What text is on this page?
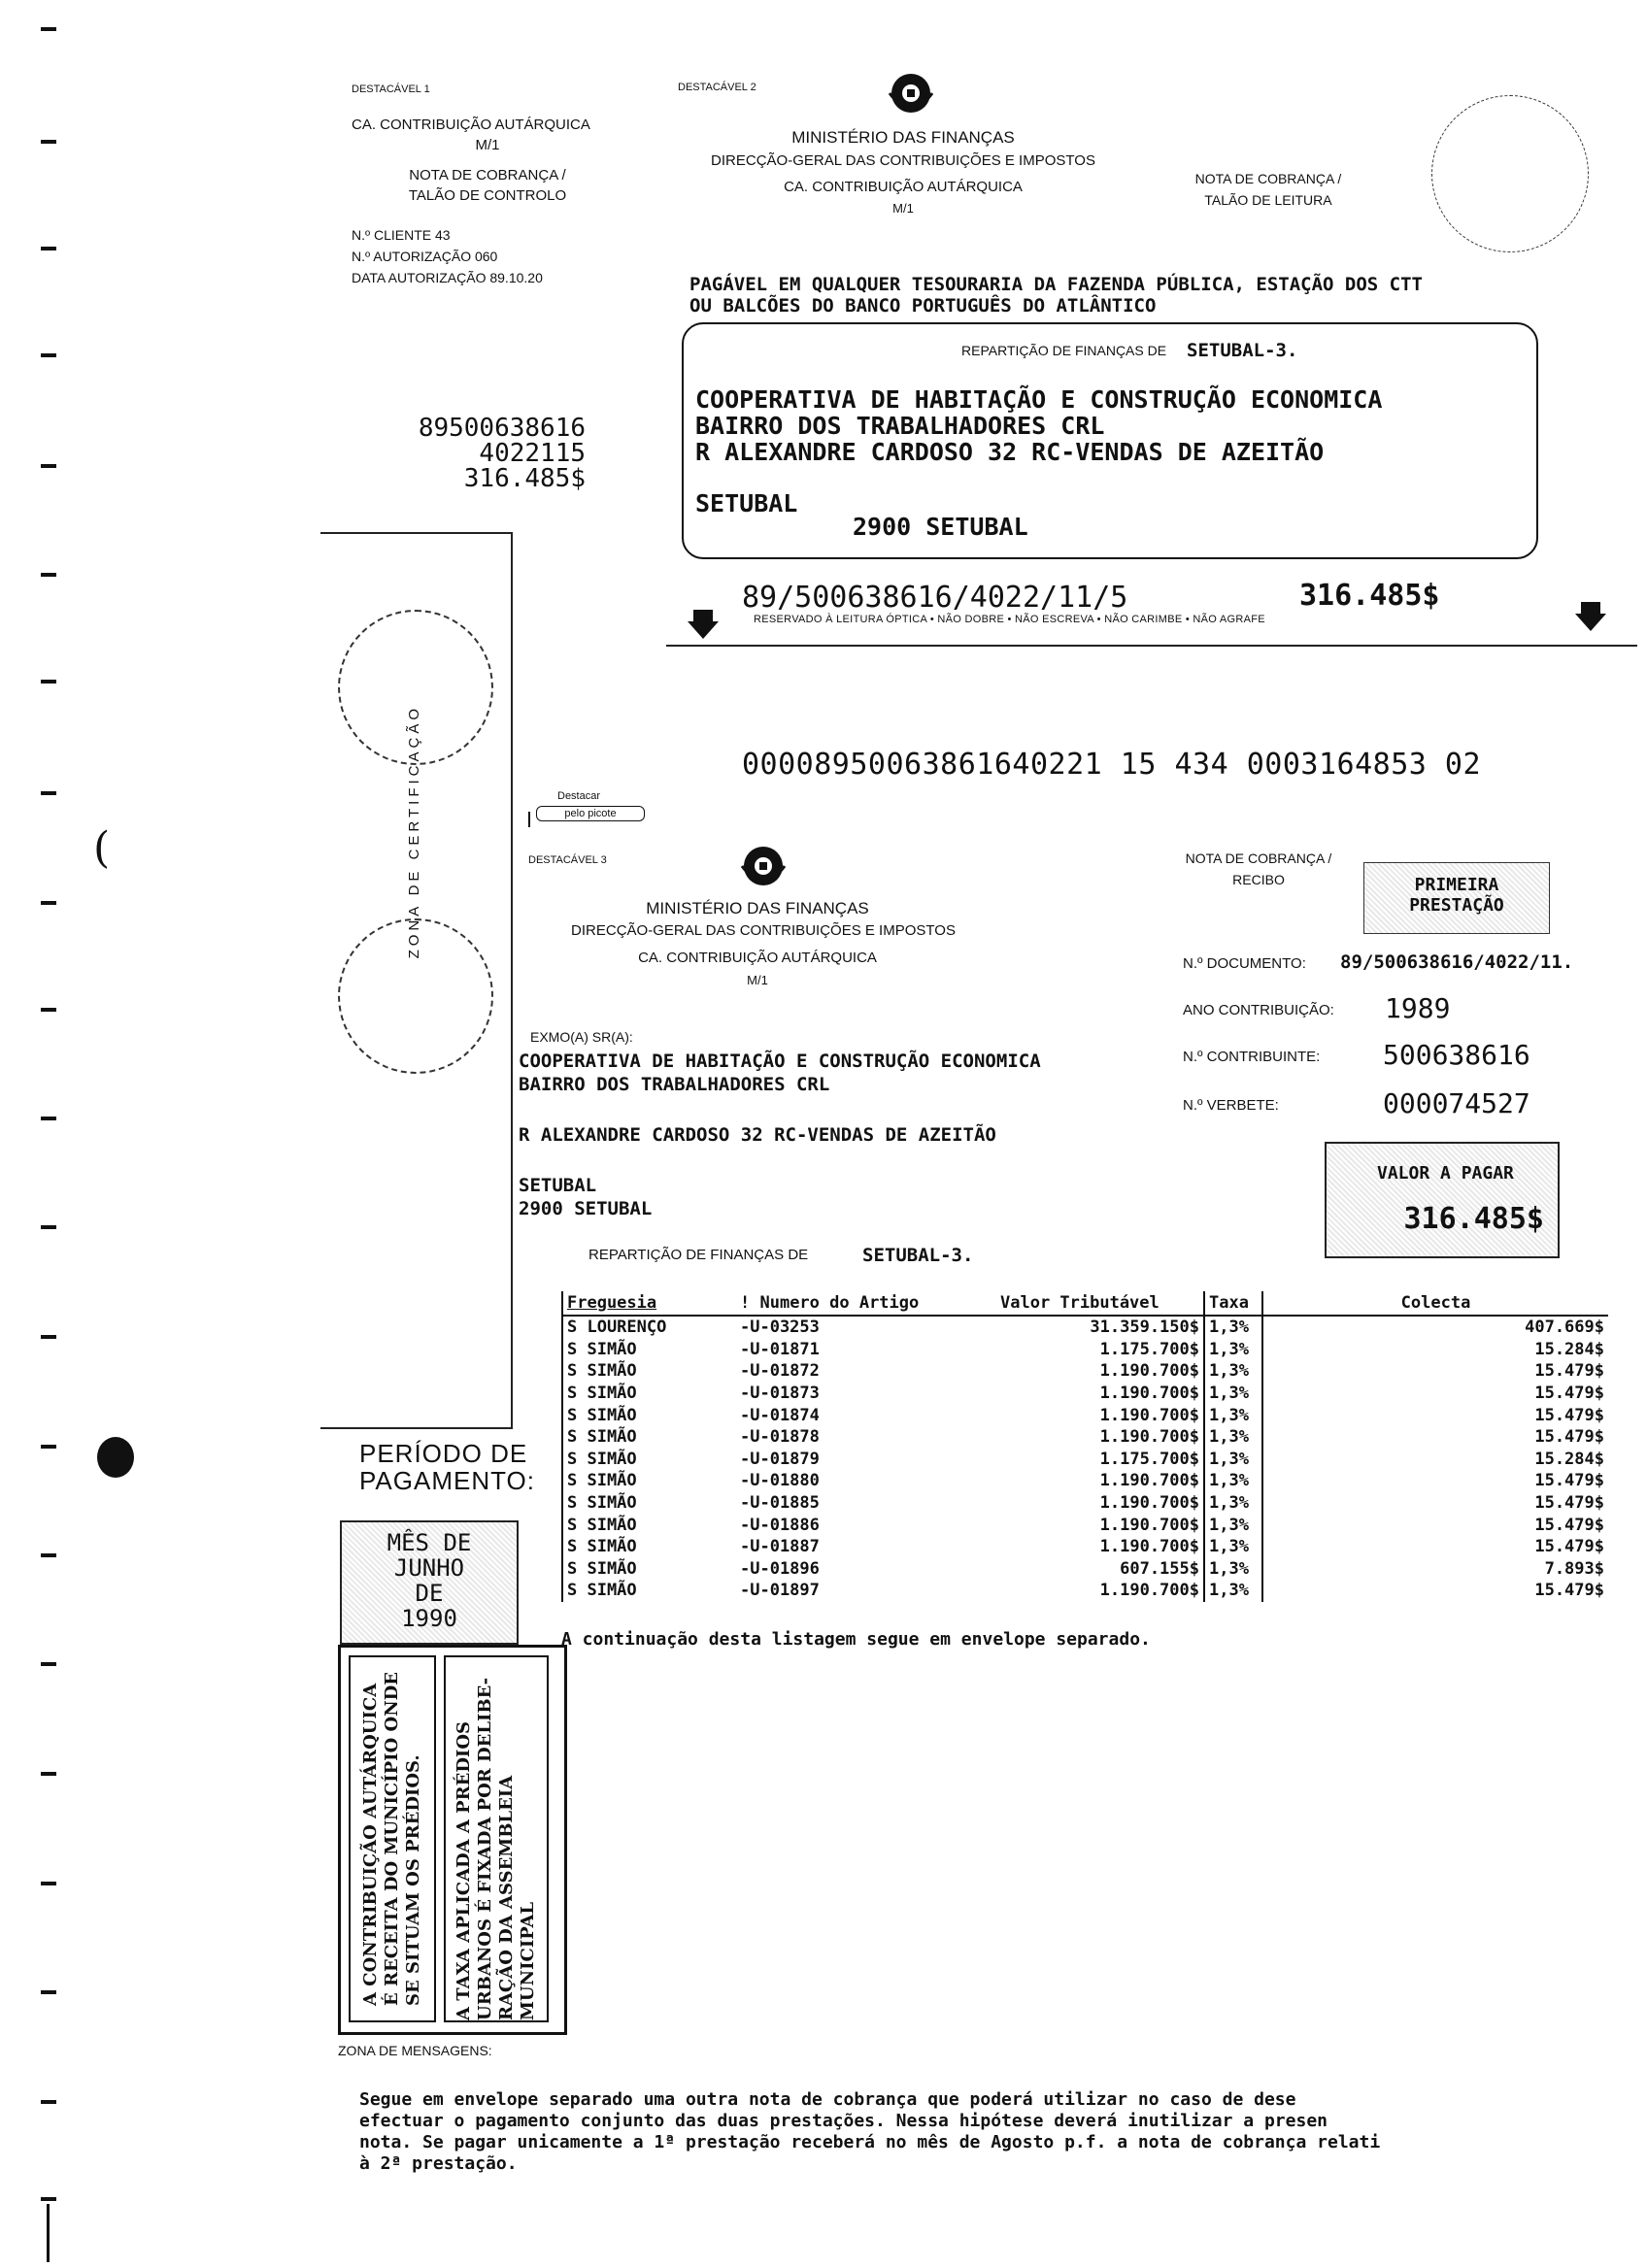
(
DESTACÁVEL 1
CA. CONTRIBUIÇÃO AUTÁRQUICA
M/1
NOTA DE COBRANÇA /
TALÃO DE CONTROLO
N.º CLIENTE 43
N.º AUTORIZAÇÃO 060
DATA AUTORIZAÇÃO 89.10.20
89500638616
4022115
316.485$
ZONA DE CERTIFICAÇÃO
DESTACÁVEL 2
MINISTÉRIO DAS FINANÇAS
DIRECÇÃO-GERAL DAS CONTRIBUIÇÕES E IMPOSTOS
CA. CONTRIBUIÇÃO AUTÁRQUICA
M/1
NOTA DE COBRANÇA /
TALÃO DE LEITURA
PAGÁVEL EM QUALQUER TESOURARIA DA FAZENDA PÚBLICA, ESTAÇÃO DOS CTT
OU BALCÕES DO BANCO PORTUGUÊS DO ATLÂNTICO
REPARTIÇÃO DE FINANÇAS DE SETUBAL-3.
COOPERATIVA DE HABITAÇÃO E CONSTRUÇÃO ECONOMICA
BAIRRO DOS TRABALHADORES CRL
R ALEXANDRE CARDOSO 32 RC-VENDAS DE AZEITÃO
SETUBAL
2900 SETUBAL
89/500638616/4022/11/5	316.485$
RESERVADO À LEITURA ÓPTICA • NÃO DOBRE • NÃO ESCREVA • NÃO CARIMBE • NÃO AGRAFE
00008950063861640221 15 434 0003164853 02
Destacar
pelo picote
DESTACÁVEL 3
MINISTÉRIO DAS FINANÇAS
DIRECÇÃO-GERAL DAS CONTRIBUIÇÕES E IMPOSTOS
CA. CONTRIBUIÇÃO AUTÁRQUICA
M/1
NOTA DE COBRANÇA /
RECIBO	PRIMEIRA
PRESTAÇÃO
N.º DOCUMENTO: 89/500638616/4022/11.
ANO CONTRIBUIÇÃO: 1989
N.º CONTRIBUINTE: 500638616
N.º VERBETE:	000074527
VALOR A PAGAR
316.485$
EXMO(A) SR(A):
COOPERATIVA DE HABITAÇÃO E CONSTRUÇÃO ECONOMICA
BAIRRO DOS TRABALHADORES CRL
R ALEXANDRE CARDOSO 32 RC-VENDAS DE AZEITÃO
SETUBAL
2900 SETUBAL
REPARTIÇÃO DE FINANÇAS DE	SETUBAL-3.
PERÍODO DE
PAGAMENTO:
MÊS DE
JUNHO
DE
1990
A CONTRIBUIÇÃO AUTÁRQUICA É RECEITA DO MUNICÍPIO ONDE SE SITUAM OS PRÉDIOS. A TAXA APLICADA A PRÉDIOS URBANOS É FIXADA POR DELIBE- RAÇÃO DA ASSEMBLEIA MUNICIPAL
Freguesia	! Numero do Artigo	Valor Tributável	Taxa	Colecta
S LOURENÇO	-U-03253	31.359.150$	1,3%	407.669$
S SIMÃO	-U-01871	1.175.700$	1,3%	15.284$
S SIMÃO	-U-01872	1.190.700$	1,3%	15.479$
S SIMÃO	-U-01873	1.190.700$	1,3%	15.479$
S SIMÃO	-U-01874	1.190.700$	1,3%	15.479$
S SIMÃO	-U-01878	1.190.700$	1,3%	15.479$
S SIMÃO	-U-01879	1.175.700$	1,3%	15.284$
S SIMÃO	-U-01880	1.190.700$	1,3%	15.479$
S SIMÃO	-U-01885	1.190.700$	1,3%	15.479$
S SIMÃO	-U-01886	1.190.700$	1,3%	15.479$
S SIMÃO	-U-01887	1.190.700$	1,3%	15.479$
S SIMÃO	-U-01896	607.155$	1,3%	7.893$
S SIMÃO	-U-01897	1.190.700$	1,3%	15.479$
A continuação desta listagem segue em envelope separado.
ZONA DE MENSAGENS:
Segue em envelope separado uma outra nota de cobrança que poderá utilizar no caso de dese
efectuar o pagamento conjunto das duas prestações. Nessa hipótese deverá inutilizar a presen
nota. Se pagar unicamente a 1ª prestação receberá no mês de Agosto p.f. a nota de cobrança relati
à 2ª prestação.
